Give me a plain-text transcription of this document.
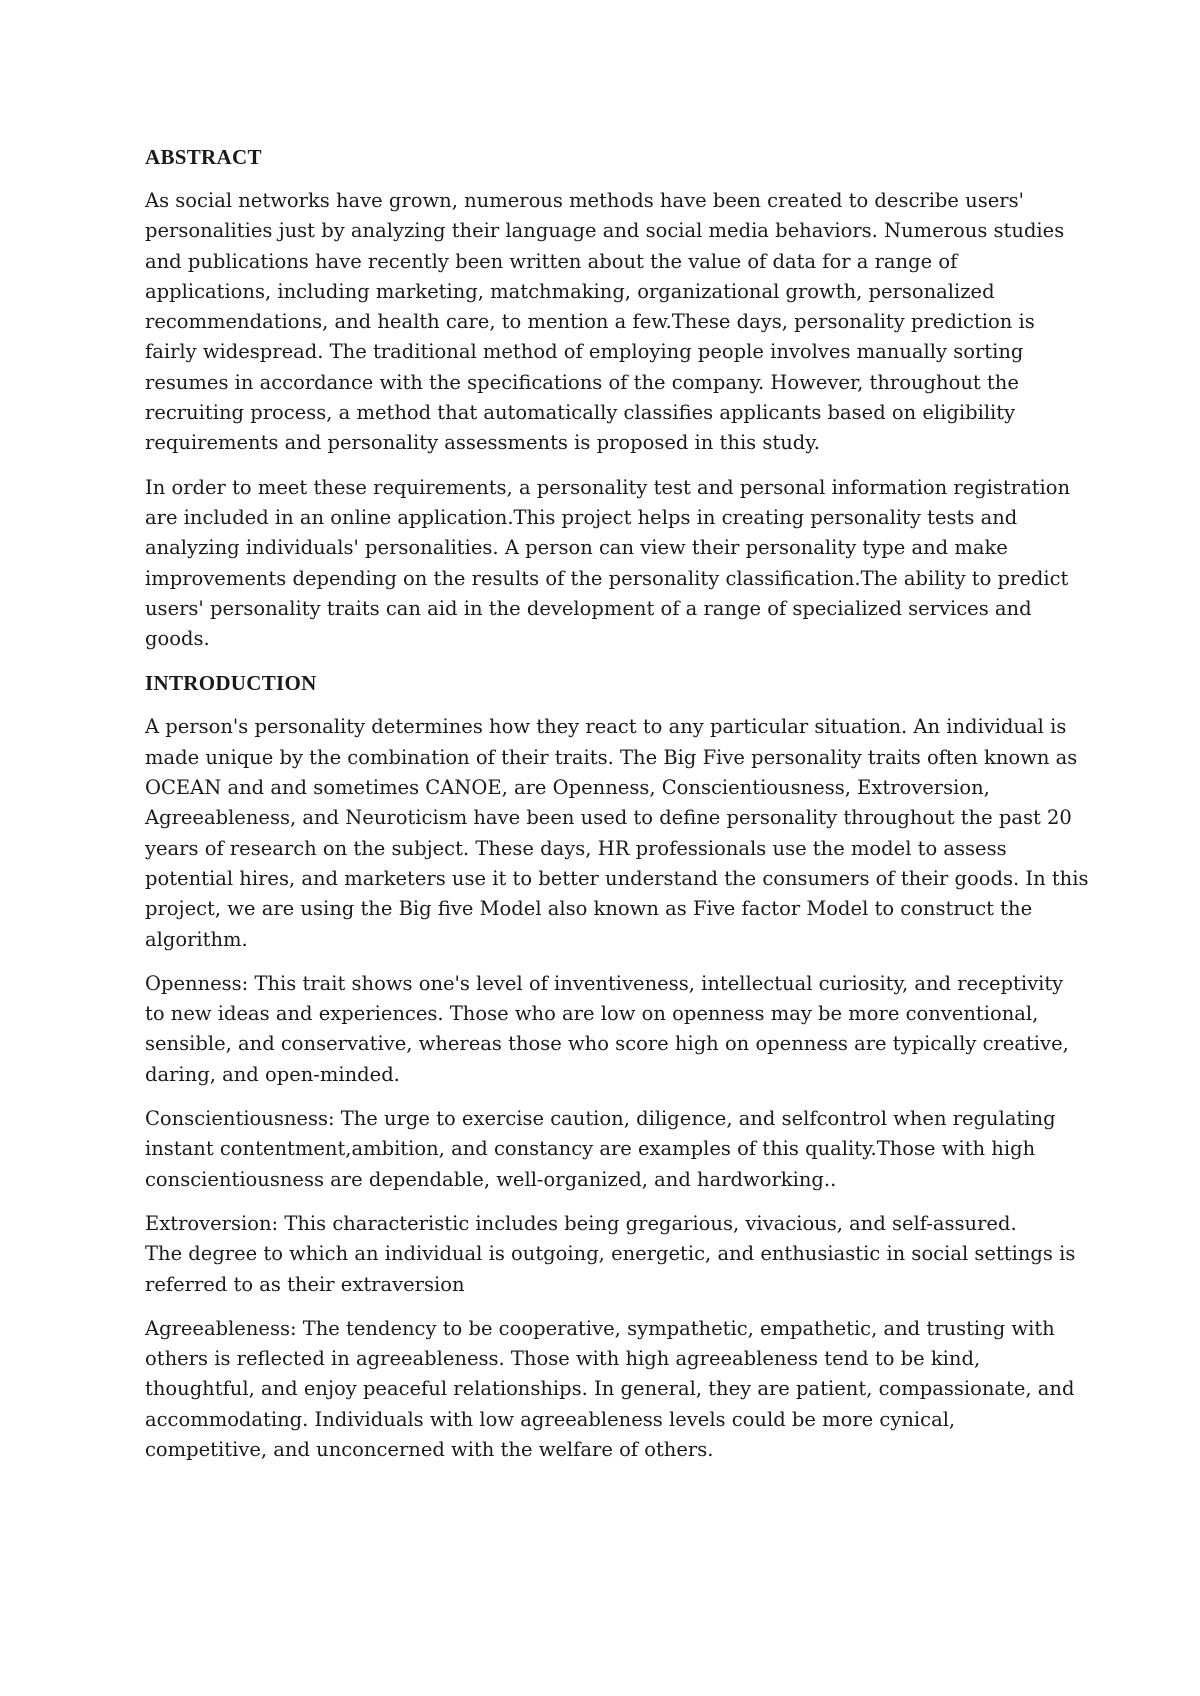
ABSTRACT
As social networks have grown, numerous methods have been created to describe users'
personalities just by analyzing their language and social media behaviors. Numerous studies
and publications have recently been written about the value of data for a range of
applications, including marketing, matchmaking, organizational growth, personalized
recommendations, and health care, to mention a few.These days, personality prediction is
fairly widespread. The traditional method of employing people involves manually sorting
resumes in accordance with the specifications of the company. However, throughout the
recruiting process, a method that automatically classifies applicants based on eligibility
requirements and personality assessments is proposed in this study.
In order to meet these requirements, a personality test and personal information registration
are included in an online application.This project helps in creating personality tests and
analyzing individuals' personalities. A person can view their personality type and make
improvements depending on the results of the personality classification.The ability to predict
users' personality traits can aid in the development of a range of specialized services and
goods.
INTRODUCTION
A person's personality determines how they react to any particular situation. An individual is
made unique by the combination of their traits. The Big Five personality traits often known as
OCEAN and and sometimes CANOE, are Openness, Conscientiousness, Extroversion,
Agreeableness, and Neuroticism have been used to define personality throughout the past 20
years of research on the subject. These days, HR professionals use the model to assess
potential hires, and marketers use it to better understand the consumers of their goods. In this
project, we are using the Big five Model also known as Five factor Model to construct the
algorithm.
Openness: This trait shows one's level of inventiveness, intellectual curiosity, and receptivity
to new ideas and experiences. Those who are low on openness may be more conventional,
sensible, and conservative, whereas those who score high on openness are typically creative,
daring, and open-minded.
Conscientiousness: The urge to exercise caution, diligence, and selfcontrol when regulating
instant contentment,ambition, and constancy are examples of this quality.Those with high
conscientiousness are dependable, well-organized, and hardworking..
Extroversion: This characteristic includes being gregarious, vivacious, and self-assured.
The degree to which an individual is outgoing, energetic, and enthusiastic in social settings is
referred to as their extraversion
Agreeableness: The tendency to be cooperative, sympathetic, empathetic, and trusting with
others is reflected in agreeableness. Those with high agreeableness tend to be kind,
thoughtful, and enjoy peaceful relationships. In general, they are patient, compassionate, and
accommodating. Individuals with low agreeableness levels could be more cynical,
competitive, and unconcerned with the welfare of others.
